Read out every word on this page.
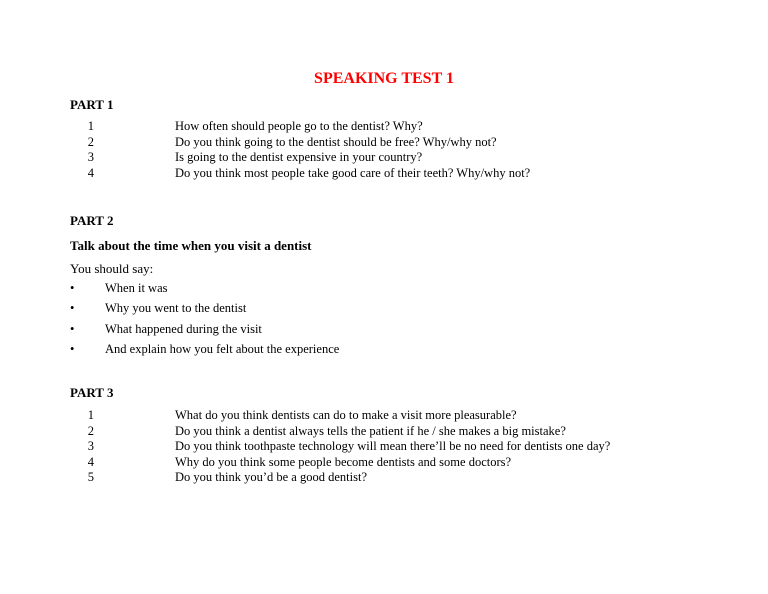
SPEAKING TEST 1
PART 1
1	How often should people go to the dentist? Why?
2	Do you think going to the dentist should be free? Why/why not?
3	Is going to the dentist expensive in your country?
4	Do you think most people take good care of their teeth? Why/why not?
PART 2
Talk about the time when you visit a dentist
You should say:
• When it was
• Why you went to the dentist
• What happened during the visit
• And explain how you felt about the experience
PART 3
1	What do you think dentists can do to make a visit more pleasurable?
2	Do you think a dentist always tells the patient if he / she makes a big mistake?
3	Do you think toothpaste technology will mean there’ll be no need for dentists one day?
4	Why do you think some people become dentists and some doctors?
5	Do you think you’d be a good dentist?
